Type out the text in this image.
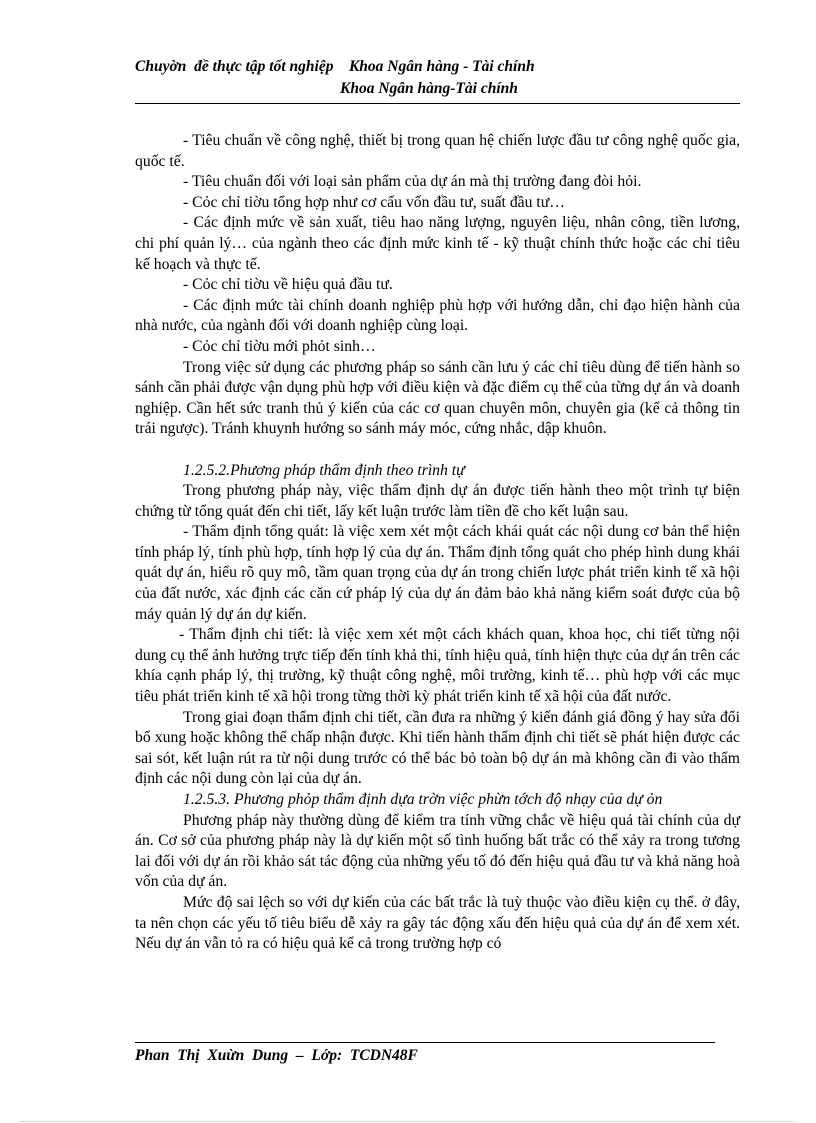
Chuyờn  đề thực tập tốt nghiệp    Khoa Ngân hàng - Tài chính
Khoa Ngân hàng-Tài chính

- Tiêu chuẩn về công nghệ, thiết bị trong quan hệ chiến lược đầu tư công nghệ quốc gia, quốc tế.

- Tiêu chuẩn đối với loại sản phẩm của dự án mà thị trường đang đòi hỏi.

- Cỏc chỉ tiờu tổng hợp như cơ cấu vốn đầu tư, suất đầu tư…

- Các định mức về sản xuất, tiêu hao năng lượng, nguyên liệu, nhân công, tiền lương, chi phí quản lý… của ngành theo các định mức kinh tế - kỹ thuật chính thức hoặc các chỉ tiêu kế hoạch và thực tế.

- Cỏc chỉ tiờu về hiệu quả đầu tư.

- Các định mức tài chính doanh nghiệp phù hợp với hướng dẫn, chỉ đạo hiện hành của nhà nước, của ngành đối với doanh nghiệp cùng loại.

- Cỏc chỉ tiờu mới phỏt sinh…

Trong việc sử dụng các phương pháp so sánh cần lưu ý các chỉ tiêu dùng để tiến hành so sánh cần phải được vận dụng phù hợp với điều kiện và đặc điểm cụ thể của từng dự án và doanh nghiệp. Cần hết sức tranh thủ ý kiến của các cơ quan chuyên môn, chuyên gia (kể cả thông tin trái ngược). Tránh khuynh hướng so sánh máy móc, cứng nhắc, dập khuôn.

1.2.5.2.Phương pháp thẩm định theo trình tự

Trong phương pháp này, việc thẩm định dự án được tiến hành theo một trình tự biện chứng từ tổng quát đến chi tiết, lấy kết luận trước làm tiền đề cho kết luận sau.

- Thẩm định tổng quát: là việc xem xét một cách khái quát các nội dung cơ bản thể hiện tính pháp lý, tính phù hợp, tính hợp lý của dự án. Thẩm định tổng quát cho phép hình dung khái quát dự án, hiểu rõ quy mô, tầm quan trọng của dự án trong chiến lược phát triển kinh tế xã hội của đất nước, xác định các căn cứ pháp lý của dự án đảm bảo khả năng kiểm soát được của bộ máy quản lý dự án dự kiến.

- Thẩm định chi tiết: là việc xem xét một cách khách quan, khoa học, chi tiết từng nội dung cụ thể ảnh hưởng trực tiếp đến tính khả thi, tính hiệu quả, tính hiện thực của dự án trên các khía cạnh pháp lý, thị trường, kỹ thuật công nghệ, môi trường, kinh tế… phù hợp với các mục tiêu phát triển kinh tế xã hội trong từng thời kỳ phát triển kinh tế xã hội của đất nước.

Trong giai đoạn thẩm định chi tiết, cần đưa ra những ý kiến đánh giá đồng ý hay sửa đổi bổ xung hoặc không thể chấp nhận được. Khi tiến hành thẩm định chi tiết sẽ phát hiện được các sai sót, kết luận rút ra từ nội dung trước có thể bác bỏ toàn bộ dự án mà không cần đi vào thẩm định các nội dung còn lại của dự án.

1.2.5.3. Phương phỏp thẩm định dựa trờn việc phừn tớch độ nhạy của dự ỏn

Phương pháp này thường dùng để kiểm tra tính vững chắc về hiệu quả tài chính của dự án. Cơ sở của phương pháp này là dự kiến một số tình huống bất trắc có thể xảy ra trong tương lai đối với dự án rồi khảo sát tác động của những yếu tố đó đến hiệu quả đầu tư và khả năng hoà vốn của dự án.

Mức độ sai lệch so với dự kiến của các bất trắc là tuỳ thuộc vào điều kiện cụ thể. ở đây, ta nên chọn các yếu tố tiêu biểu dễ xảy ra gây tác động xấu đến hiệu quả của dự án để xem xét. Nếu dự án vẫn tỏ ra có hiệu quả kể cả trong trường hợp có

Phan  Thị  Xuừn  Dung  –  Lớp:  TCDN48F
